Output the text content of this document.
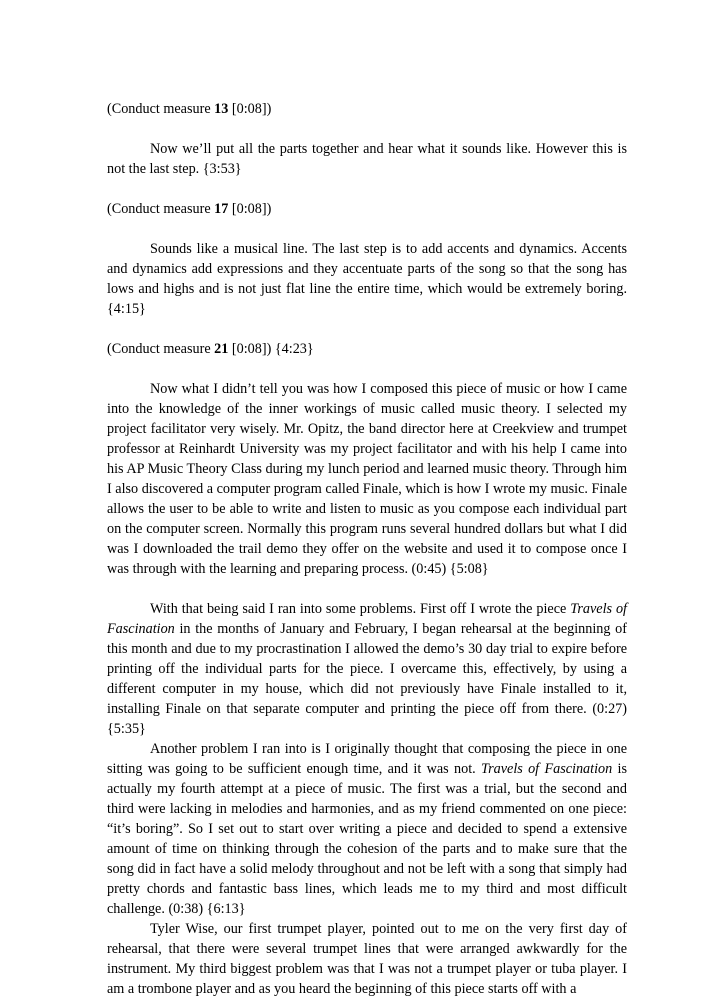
(Conduct measure 13 [0:08])

Now we’ll put all the parts together and hear what it sounds like. However this is not the last step. {3:53}

(Conduct measure 17 [0:08])

Sounds like a musical line. The last step is to add accents and dynamics. Accents and dynamics add expressions and they accentuate parts of the song so that the song has lows and highs and is not just flat line the entire time, which would be extremely boring. {4:15}

(Conduct measure 21 [0:08]) {4:23}

Now what I didn’t tell you was how I composed this piece of music or how I came into the knowledge of the inner workings of music called music theory. I selected my project facilitator very wisely. Mr. Opitz, the band director here at Creekview and trumpet professor at Reinhardt University was my project facilitator and with his help I came into his AP Music Theory Class during my lunch period and learned music theory. Through him I also discovered a computer program called Finale, which is how I wrote my music. Finale allows the user to be able to write and listen to music as you compose each individual part on the computer screen. Normally this program runs several hundred dollars but what I did was I downloaded the trail demo they offer on the website and used it to compose once I was through with the learning and preparing process. (0:45) {5:08}

With that being said I ran into some problems. First off I wrote the piece Travels of Fascination in the months of January and February, I began rehearsal at the beginning of this month and due to my procrastination I allowed the demo’s 30 day trial to expire before printing off the individual parts for the piece. I overcame this, effectively, by using a different computer in my house, which did not previously have Finale installed to it, installing Finale on that separate computer and printing the piece off from there. (0:27) {5:35}

Another problem I ran into is I originally thought that composing the piece in one sitting was going to be sufficient enough time, and it was not. Travels of Fascination is actually my fourth attempt at a piece of music. The first was a trial, but the second and third were lacking in melodies and harmonies, and as my friend commented on one piece: “it’s boring”. So I set out to start over writing a piece and decided to spend a extensive amount of time on thinking through the cohesion of the parts and to make sure that the song did in fact have a solid melody throughout and not be left with a song that simply had pretty chords and fantastic bass lines, which leads me to my third and most difficult challenge. (0:38) {6:13}

Tyler Wise, our first trumpet player, pointed out to me on the very first day of rehearsal, that there were several trumpet lines that were arranged awkwardly for the instrument. My third biggest problem was that I was not a trumpet player or tuba player. I am a trombone player and as you heard the beginning of this piece starts off with a
